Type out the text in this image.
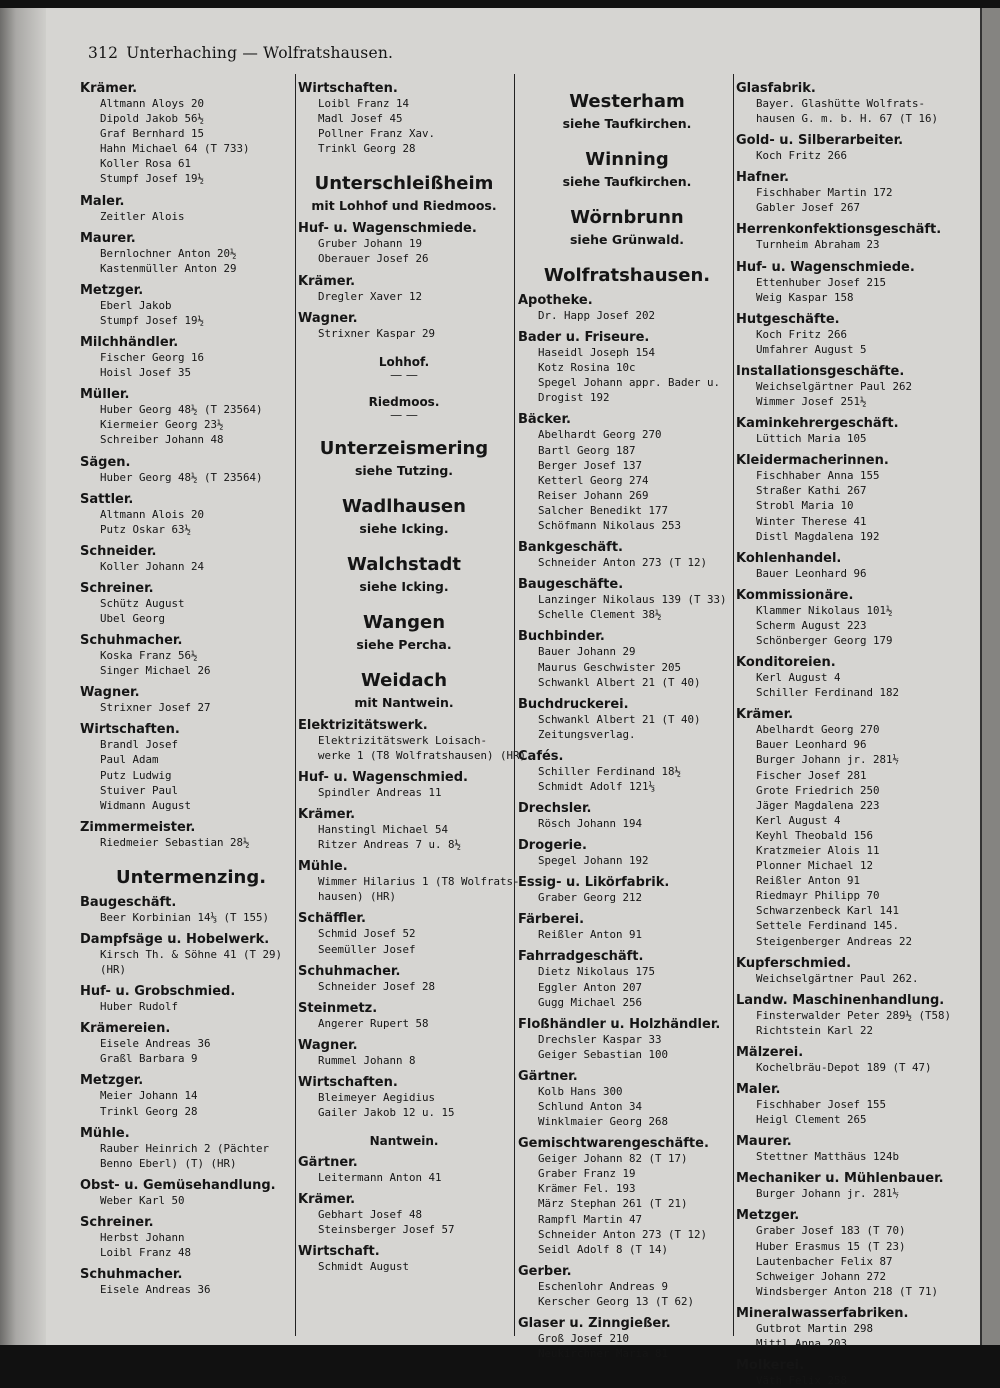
312 Unterhaching — Wolfratshausen.
Krämer.
Altmann Aloys 20
Dipold Jakob 56½
Graf Bernhard 15
Hahn Michael 64 (T 733)
Koller Rosa 61
Stumpf Josef 19½
Maler.
Zeitler Alois
Maurer.
Bernlochner Anton 20½
Kastenmüller Anton 29
Metzger.
Eberl Jakob
Stumpf Josef 19½
Milchhändler.
Fischer Georg 16
Hoisl Josef 35
Müller.
Huber Georg 48½ (T 23564)
Kiermeier Georg 23½
Schreiber Johann 48
Sägen.
Huber Georg 48½ (T 23564)
Sattler.
Altmann Alois 20
Putz Oskar 63½
Schneider.
Koller Johann 24
Schreiner.
Schütz August
Ubel Georg
Schuhmacher.
Koska Franz 56½
Singer Michael 26
Wagner.
Strixner Josef 27
Wirtschaften.
Brandl Josef
Paul Adam
Putz Ludwig
Stuiver Paul
Widmann August
Zimmermeister.
Riedmeier Sebastian 28½
Untermenzing.
Baugeschäft.
Beer Korbinian 14⅓ (T 155)
Dampfsäge u. Hobelwerk.
Kirsch Th. & Söhne 41 (T 29)
(HR)
Huf- u. Grobschmied.
Huber Rudolf
Krämereien.
Eisele Andreas 36
Graßl Barbara 9
Metzger.
Meier Johann 14
Trinkl Georg 28
Mühle.
Rauber Heinrich 2 (Pächter
Benno Eberl) (T) (HR)
Obst- u. Gemüsehandlung.
Weber Karl 50
Schreiner.
Herbst Johann
Loibl Franz 48
Schuhmacher.
Eisele Andreas 36
Wirtschaften.
Loibl Franz 14
Madl Josef 45
Pollner Franz Xav.
Trinkl Georg 28
Unterschleißheim
mit Lohhof und Riedmoos.
Huf- u. Wagenschmiede.
Gruber Johann 19
Oberauer Josef 26
Krämer.
Dregler Xaver 12
Wagner.
Strixner Kaspar 29
Lohhof.
— —
Riedmoos.
— —
Unterzeismering
siehe Tutzing.
Wadlhausen
siehe Icking.
Walchstadt
siehe Icking.
Wangen
siehe Percha.
Weidach
mit Nantwein.
Elektrizitätswerk.
Elektrizitätswerk Loisach-
werke 1 (T8 Wolfratshausen) (HR)
Huf- u. Wagenschmied.
Spindler Andreas 11
Krämer.
Hanstingl Michael 54
Ritzer Andreas 7 u. 8½
Mühle.
Wimmer Hilarius 1 (T8 Wolfrats-
hausen) (HR)
Schäffler.
Schmid Josef 52
Seemüller Josef
Schuhmacher.
Schneider Josef 28
Steinmetz.
Angerer Rupert 58
Wagner.
Rummel Johann 8
Wirtschaften.
Bleimeyer Aegidius
Gailer Jakob 12 u. 15
Nantwein.
Gärtner.
Leitermann Anton 41
Krämer.
Gebhart Josef 48
Steinsberger Josef 57
Wirtschaft.
Schmidt August
Westerham
siehe Taufkirchen.
Winning
siehe Taufkirchen.
Wörnbrunn
siehe Grünwald.
Wolfratshausen.
Apotheke.
Dr. Happ Josef 202
Bader u. Friseure.
Haseidl Joseph 154
Kotz Rosina 10c
Spegel Johann appr. Bader u.
Drogist 192
Bäcker.
Abelhardt Georg 270
Bartl Georg 187
Berger Josef 137
Ketterl Georg 274
Reiser Johann 269
Salcher Benedikt 177
Schöfmann Nikolaus 253
Bankgeschäft.
Schneider Anton 273 (T 12)
Baugeschäfte.
Lanzinger Nikolaus 139 (T 33)
Schelle Clement 38½
Buchbinder.
Bauer Johann 29
Maurus Geschwister 205
Schwankl Albert 21 (T 40)
Buchdruckerei.
Schwankl Albert 21 (T 40)
Zeitungsverlag.
Cafés.
Schiller Ferdinand 18½
Schmidt Adolf 121⅓
Drechsler.
Rösch Johann 194
Drogerie.
Spegel Johann 192
Essig- u. Likörfabrik.
Graber Georg 212
Färberei.
Reißler Anton 91
Fahrradgeschäft.
Dietz Nikolaus 175
Eggler Anton 207
Gugg Michael 256
Floßhändler u. Holzhändler.
Drechsler Kaspar 33
Geiger Sebastian 100
Gärtner.
Kolb Hans 300
Schlund Anton 34
Winklmaier Georg 268
Gemischtwarengeschäfte.
Geiger Johann 82 (T 17)
Graber Franz 19
Krämer Fel. 193
März Stephan 261 (T 21)
Rampfl Martin 47
Schneider Anton 273 (T 12)
Seidl Adolf 8 (T 14)
Gerber.
Eschenlohr Andreas 9
Kerscher Georg 13 (T 62)
Glaser u. Zinngießer.
Groß Josef 210
Neukirchner Maria 81
Glasfabrik.
Bayer. Glashütte Wolfrats-
hausen G. m. b. H. 67 (T 16)
Gold- u. Silberarbeiter.
Koch Fritz 266
Hafner.
Fischhaber Martin 172
Gabler Josef 267
Herrenkonfektionsgeschäft.
Turnheim Abraham 23
Huf- u. Wagenschmiede.
Ettenhuber Josef 215
Weig Kaspar 158
Hutgeschäfte.
Koch Fritz 266
Umfahrer August 5
Installationsgeschäfte.
Weichselgärtner Paul 262
Wimmer Josef 251½
Kaminkehrergeschäft.
Lüttich Maria 105
Kleidermacherinnen.
Fischhaber Anna 155
Straßer Kathi 267
Strobl Maria 10
Winter Therese 41
Distl Magdalena 192
Kohlenhandel.
Bauer Leonhard 96
Kommissionäre.
Klammer Nikolaus 101½
Scherm August 223
Schönberger Georg 179
Konditoreien.
Kerl August 4
Schiller Ferdinand 182
Krämer.
Abelhardt Georg 270
Bauer Leonhard 96
Burger Johann jr. 281⅐
Fischer Josef 281
Grote Friedrich 250
Jäger Magdalena 223
Kerl August 4
Keyhl Theobald 156
Kratzmeier Alois 11
Plonner Michael 12
Reißler Anton 91
Riedmayr Philipp 70
Schwarzenbeck Karl 141
Settele Ferdinand 145.
Steigenberger Andreas 22
Kupferschmied.
Weichselgärtner Paul 262.
Landw. Maschinenhandlung.
Finsterwalder Peter 289½ (T58)
Richtstein Karl 22
Mälzerei.
Kochelbräu-Depot 189 (T 47)
Maler.
Fischhaber Josef 155
Heigl Clement 265
Maurer.
Stettner Matthäus 124b
Mechaniker u. Mühlenbauer.
Burger Johann jr. 281⅐
Metzger.
Graber Josef 183 (T 70)
Huber Erasmus 15 (T 23)
Lautenbacher Felix 87
Schweiger Johann 272
Windsberger Anton 218 (T 71)
Mineralwasserfabriken.
Gutbrot Martin 298
Mittl Anna 203
Molkerei.
Väth Felix 258
